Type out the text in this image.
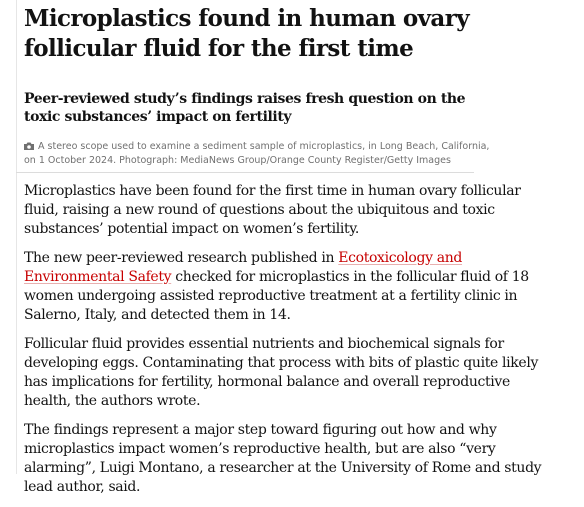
Microplastics found in human ovary
follicular fluid for the first time
Peer-reviewed study’s findings raises fresh question on the
toxic substances’ impact on fertility
A stereo scope used to examine a sediment sample of microplastics, in Long Beach, California,
on 1 October 2024. Photograph: MediaNews Group/Orange County Register/Getty Images

Microplastics have been found for the first time in human ovary follicular
fluid, raising a new round of questions about the ubiquitous and toxic
substances’ potential impact on women’s fertility.

The new peer-reviewed research published in Ecotoxicology and
Environmental Safety checked for microplastics in the follicular fluid of 18
women undergoing assisted reproductive treatment at a fertility clinic in
Salerno, Italy, and detected them in 14.

Follicular fluid provides essential nutrients and biochemical signals for
developing eggs. Contaminating that process with bits of plastic quite likely
has implications for fertility, hormonal balance and overall reproductive
health, the authors wrote.

The findings represent a major step toward figuring out how and why
microplastics impact women’s reproductive health, but are also “very
alarming”, Luigi Montano, a researcher at the University of Rome and study
lead author, said.
